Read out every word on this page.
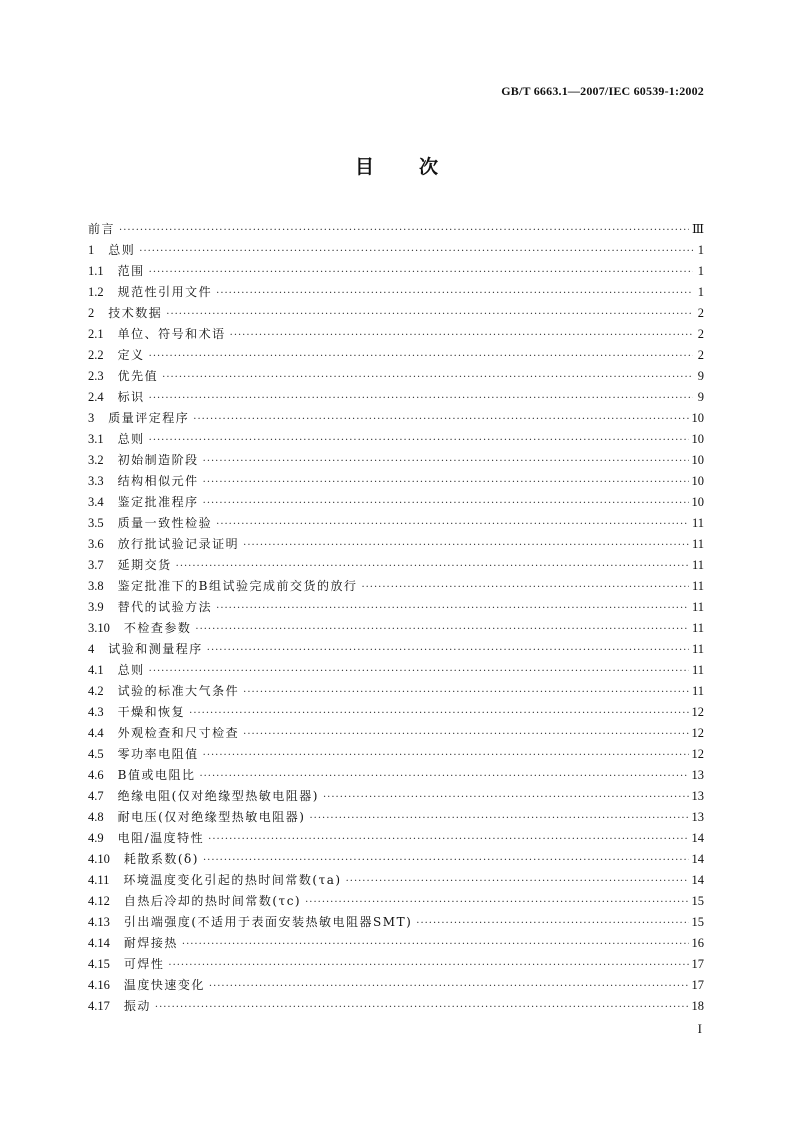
GB/T 6663.1—2007/IEC 60539-1:2002
目 次
前言 ·····	Ⅲ
1 总则 ·····	1
1.1 范围 ·····	1
1.2 规范性引用文件 ·····	1
2 技术数据 ·····	2
2.1 单位、符号和术语 ·····	2
2.2 定义 ·····	2
2.3 优先值 ·····	9
2.4 标识 ·····	9
3 质量评定程序 ·····	10
3.1 总则 ·····	10
3.2 初始制造阶段 ·····	10
3.3 结构相似元件 ·····	10
3.4 鉴定批准程序 ·····	10
3.5 质量一致性检验 ·····	11
3.6 放行批试验记录证明 ·····	11
3.7 延期交货 ·····	11
3.8 鉴定批准下的B组试验完成前交货的放行 ·····	11
3.9 替代的试验方法 ·····	11
3.10 不检查参数 ·····	11
4 试验和测量程序 ·····	11
4.1 总则 ·····	11
4.2 试验的标准大气条件 ·····	11
4.3 干燥和恢复 ·····	12
4.4 外观检查和尺寸检查 ·····	12
4.5 零功率电阻值 ·····	12
4.6 B值或电阻比 ·····	13
4.7 绝缘电阻(仅对绝缘型热敏电阻器) ·····	13
4.8 耐电压(仅对绝缘型热敏电阻器) ·····	13
4.9 电阻/温度特性 ·····	14
4.10 耗散系数(δ) ·····	14
4.11 环境温度变化引起的热时间常数(τa) ·····	14
4.12 自热后冷却的热时间常数(τc) ·····	15
4.13 引出端强度(不适用于表面安装热敏电阻器SMT) ·····	15
4.14 耐焊接热 ·····	16
4.15 可焊性 ·····	17
4.16 温度快速变化 ·····	17
4.17 振动 ·····	18
I
